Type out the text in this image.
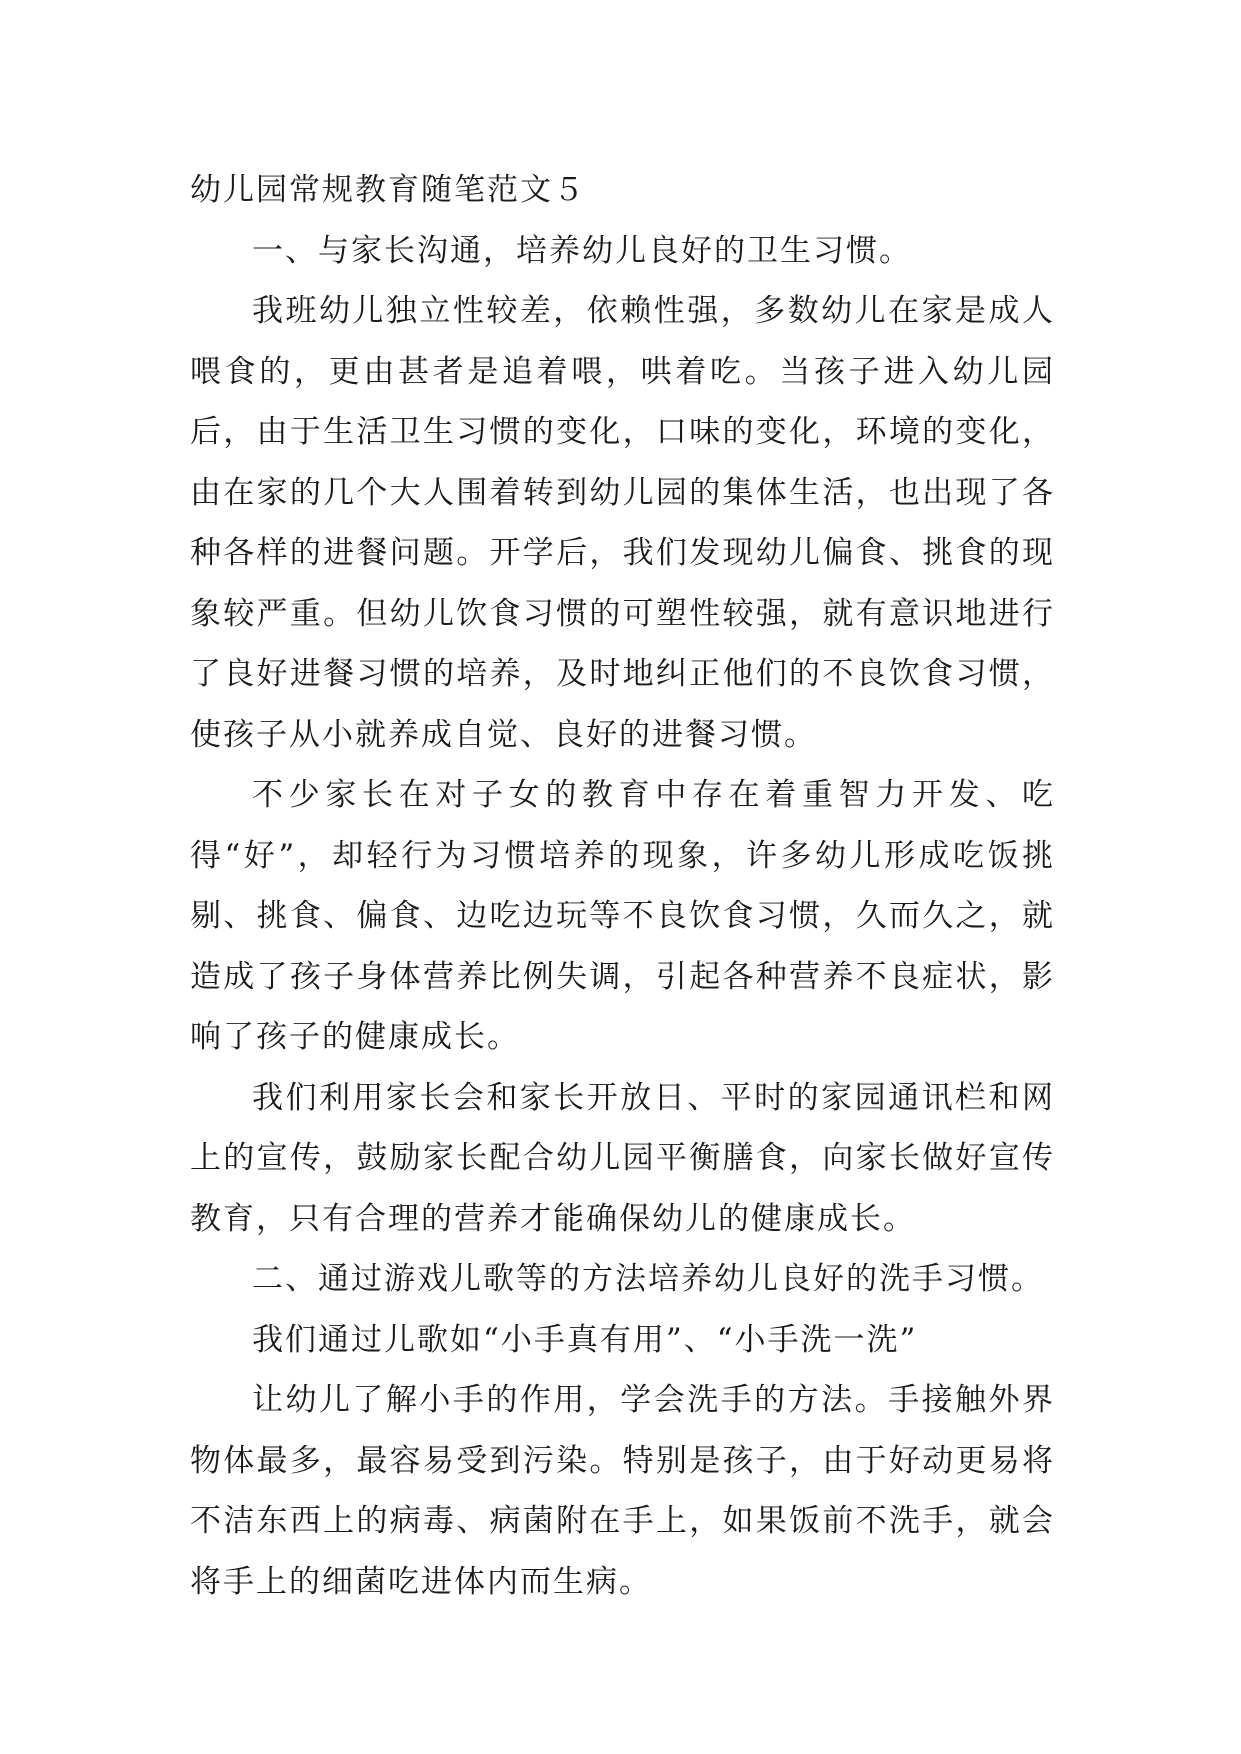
幼儿园常规教育随笔范文５

一、与家长沟通，培养幼儿良好的卫生习惯。

我班幼儿独立性较差，依赖性强，多数幼儿在家是成人喂食的，更由甚者是追着喂，哄着吃。当孩子进入幼儿园后，由于生活卫生习惯的变化，口味的变化，环境的变化，由在家的几个大人围着转到幼儿园的集体生活，也出现了各种各样的进餐问题。开学后，我们发现幼儿偏食、挑食的现象较严重。但幼儿饮食习惯的可塑性较强，就有意识地进行了良好进餐习惯的培养，及时地纠正他们的不良饮食习惯，使孩子从小就养成自觉、良好的进餐习惯。

不少家长在对子女的教育中存在着重智力开发、吃得“好”，却轻行为习惯培养的现象，许多幼儿形成吃饭挑剔、挑食、偏食、边吃边玩等不良饮食习惯，久而久之，就造成了孩子身体营养比例失调，引起各种营养不良症状，影响了孩子的健康成长。

我们利用家长会和家长开放日、平时的家园通讯栏和网上的宣传，鼓励家长配合幼儿园平衡膳食，向家长做好宣传教育，只有合理的营养才能确保幼儿的健康成长。

二、通过游戏儿歌等的方法培养幼儿良好的洗手习惯。

我们通过儿歌如“小手真有用”、“小手洗一洗”

让幼儿了解小手的作用，学会洗手的方法。手接触外界物体最多，最容易受到污染。特别是孩子，由于好动更易将不洁东西上的病毒、病菌附在手上，如果饭前不洗手，就会将手上的细菌吃进体内而生病。
